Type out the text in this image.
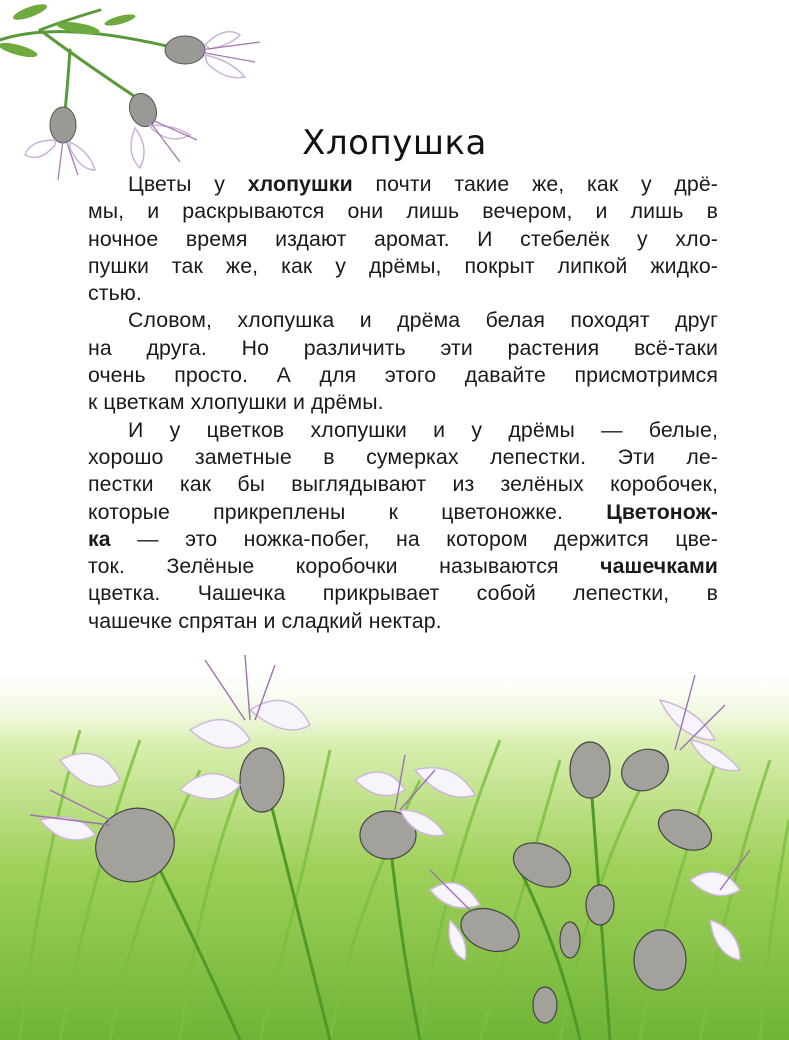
Хлопушка
Цветы у хлопушки почти такие же, как у дрё-
мы, и раскрываются они лишь вечером, и лишь в
ночное время издают аромат. И стебелёк у хло-
пушки так же, как у дрёмы, покрыт липкой жидко-
стью.
Словом, хлопушка и дрёма белая походят друг
на друга. Но различить эти растения всё-таки
очень просто. А для этого давайте присмотримся
к цветкам хлопушки и дрёмы.
И у цветков хлопушки и у дрёмы — белые,
хорошо заметные в сумерках лепестки. Эти ле-
пестки как бы выглядывают из зелёных коробочек,
которые прикреплены к цветоножке. Цветонож-
ка — это ножка-побег, на котором держится цве-
ток. Зелёные коробочки называются чашечками
цветка. Чашечка прикрывает собой лепестки, в
чашечке спрятан и сладкий нектар.
